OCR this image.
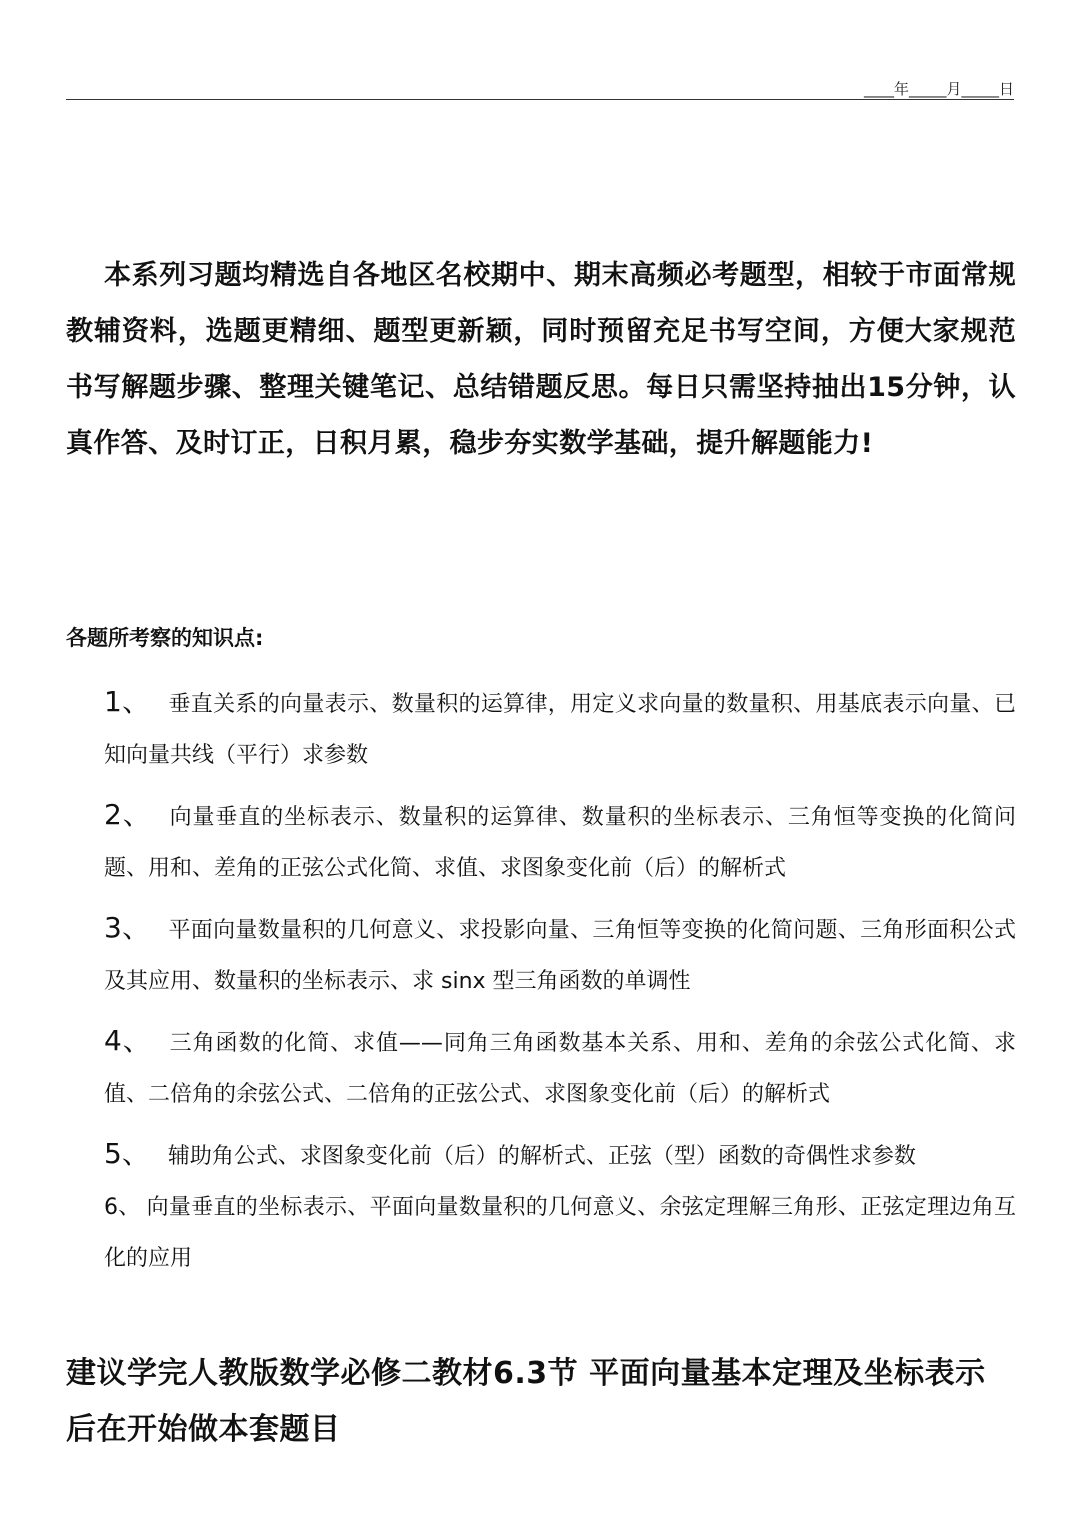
____年_____月_____日

本系列习题均精选自各地区名校期中、期末高频必考题型，相较于市面常规教辅资料，选题更精细、题型更新颖，同时预留充足书写空间，方便大家规范书写解题步骤、整理关键笔记、总结错题反思。每日只需坚持抽出15分钟，认真作答、及时订正，日积月累，稳步夯实数学基础，提升解题能力!

各题所考察的知识点:

1、 垂直关系的向量表示、数量积的运算律，用定义求向量的数量积、用基底表示向量、已知向量共线（平行）求参数
2、 向量垂直的坐标表示、数量积的运算律、数量积的坐标表示、三角恒等变换的化简问题、用和、差角的正弦公式化简、求值、求图象变化前（后）的解析式
3、 平面向量数量积的几何意义、求投影向量、三角恒等变换的化简问题、三角形面积公式及其应用、数量积的坐标表示、求 sinx 型三角函数的单调性
4、 三角函数的化简、求值——同角三角函数基本关系、用和、差角的余弦公式化简、求值、二倍角的余弦公式、二倍角的正弦公式、求图象变化前（后）的解析式
5、 辅助角公式、求图象变化前（后）的解析式、正弦（型）函数的奇偶性求参数
6、 向量垂直的坐标表示、平面向量数量积的几何意义、余弦定理解三角形、正弦定理边角互化的应用

建议学完人教版数学必修二教材6.3节 平面向量基本定理及坐标表示后在开始做本套题目
